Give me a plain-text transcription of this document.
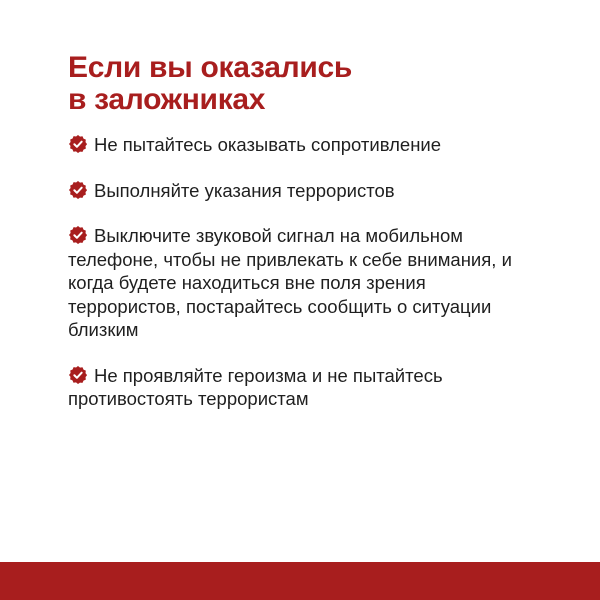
Если вы оказались
в заложниках
Не пытайтесь оказывать сопротивление
Выполняйте указания террористов
Выключите звуковой сигнал на мобильном телефоне, чтобы не привлекать к себе внимания, и когда будете находиться вне поля зрения террористов, постарайтесь сообщить о ситуации близким
Не проявляйте героизма и не пытайтесь противостоять террористам
